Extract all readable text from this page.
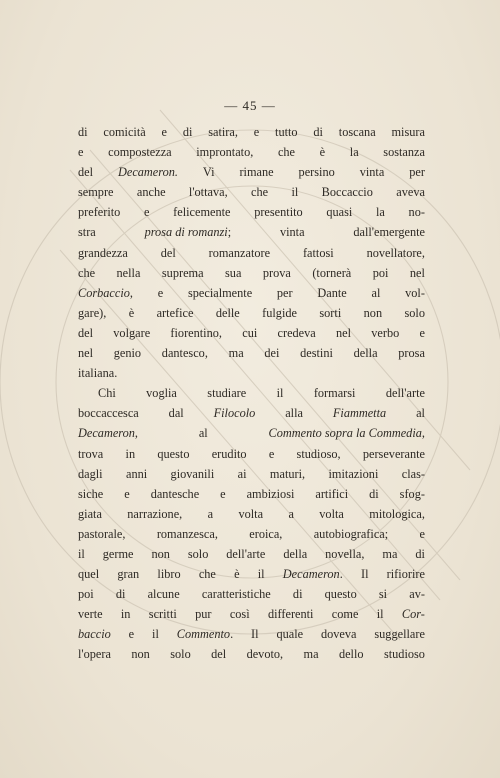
— 45 —
di comicità e di satira, e tutto di toscana misura
e compostezza improntato, che è la sostanza
del Decameron. Vi rimane persino vinta per
sempre anche l'ottava, che il Boccaccio aveva
preferito e felicemente presentito quasi la no-
stra	prosa di romanzi;	vinta	dall'emergente
grandezza	del	romanzatore	fattosi	novellatore,
che nella suprema sua prova (tornerà poi nel
Corbaccio, e specialmente per Dante al vol-
gare), è artefice delle fulgide sorti non solo
del volgare fiorentino, cui credeva nel verbo e
nel genio dantesco, ma dei destini della prosa
italiana.
Chi voglia studiare il formarsi dell'arte
boccaccesca dal Filocolo alla Fiammetta al
Decameron,	al	Commento sopra la Commedia,
trova in questo erudito e studioso, perseverante
dagli anni giovanili ai maturi, imitazioni clas-
siche e dantesche e ambiziosi artifici di sfog-
giata narrazione, a volta a volta mitologica,
pastorale,	romanzesca,	eroica,	autobiografica;	e
il germe non solo dell'arte della novella, ma di
quel gran libro che è il Decameron. Il rifiorire
poi di alcune caratteristiche di questo si av-
verte in scritti pur così differenti come il Cor-
baccio e il Commento. Il quale doveva suggellare
l'opera non solo del devoto, ma dello studioso
